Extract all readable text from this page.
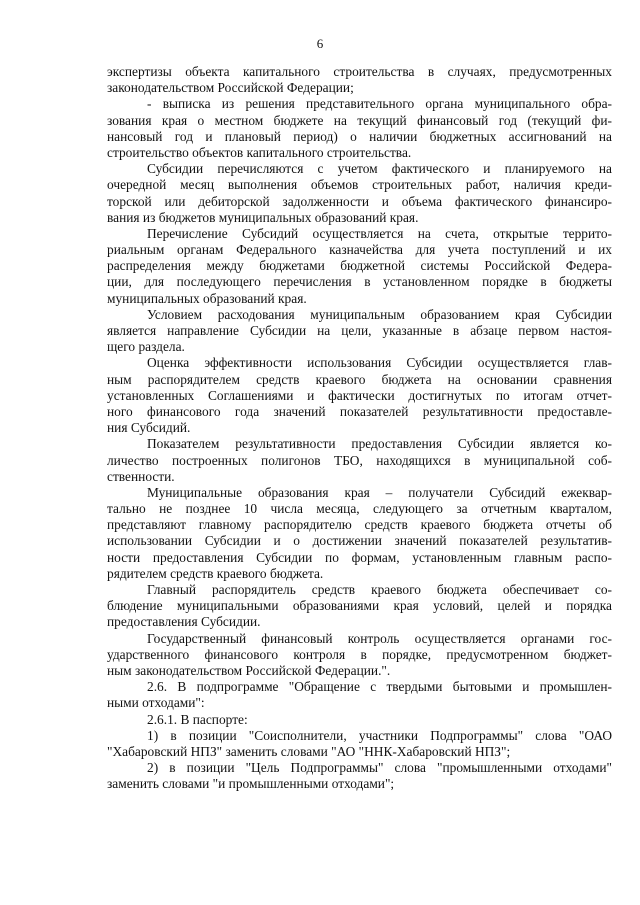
6
экспертизы объекта капитального строительства в случаях, предусмотренных
законодательством Российской Федерации;
- выписка из решения представительного органа муниципального обра-
зования края о местном бюджете на текущий финансовый год (текущий фи-
нансовый год и плановый период) о наличии бюджетных ассигнований на
строительство объектов капитального строительства.
Субсидии перечисляются с учетом фактического и планируемого на
очередной месяц выполнения объемов строительных работ, наличия креди-
торской или дебиторской задолженности и объема фактического финансиро-
вания из бюджетов муниципальных образований края.
Перечисление Субсидий осуществляется на счета, открытые террито-
риальным органам Федерального казначейства для учета поступлений и их
распределения между бюджетами бюджетной системы Российской Федера-
ции, для последующего перечисления в установленном порядке в бюджеты
муниципальных образований края.
Условием расходования муниципальным образованием края Субсидии
является направление Субсидии на цели, указанные в абзаце первом настоя-
щего раздела.
Оценка эффективности использования Субсидии осуществляется глав-
ным распорядителем средств краевого бюджета на основании сравнения
установленных Соглашениями и фактически достигнутых по итогам отчет-
ного финансового года значений показателей результативности предоставле-
ния Субсидий.
Показателем результативности предоставления Субсидии является ко-
личество построенных полигонов ТБО, находящихся в муниципальной соб-
ственности.
Муниципальные образования края – получатели Субсидий ежеквар-
тально не позднее 10 числа месяца, следующего за отчетным кварталом,
представляют главному распорядителю средств краевого бюджета отчеты об
использовании Субсидии и о достижении значений показателей результатив-
ности предоставления Субсидии по формам, установленным главным распо-
рядителем средств краевого бюджета.
Главный распорядитель средств краевого бюджета обеспечивает со-
блюдение муниципальными образованиями края условий, целей и порядка
предоставления Субсидии.
Государственный финансовый контроль осуществляется органами гос-
ударственного финансового контроля в порядке, предусмотренном бюджет-
ным законодательством Российской Федерации.".
2.6. В подпрограмме "Обращение с твердыми бытовыми и промышлен-
ными отходами":
2.6.1. В паспорте:
1) в позиции "Соисполнители, участники Подпрограммы" слова "ОАО
"Хабаровский НПЗ" заменить словами "АО "ННК-Хабаровский НПЗ";
2) в позиции "Цель Подпрограммы" слова "промышленными отходами"
заменить словами "и промышленными отходами";
